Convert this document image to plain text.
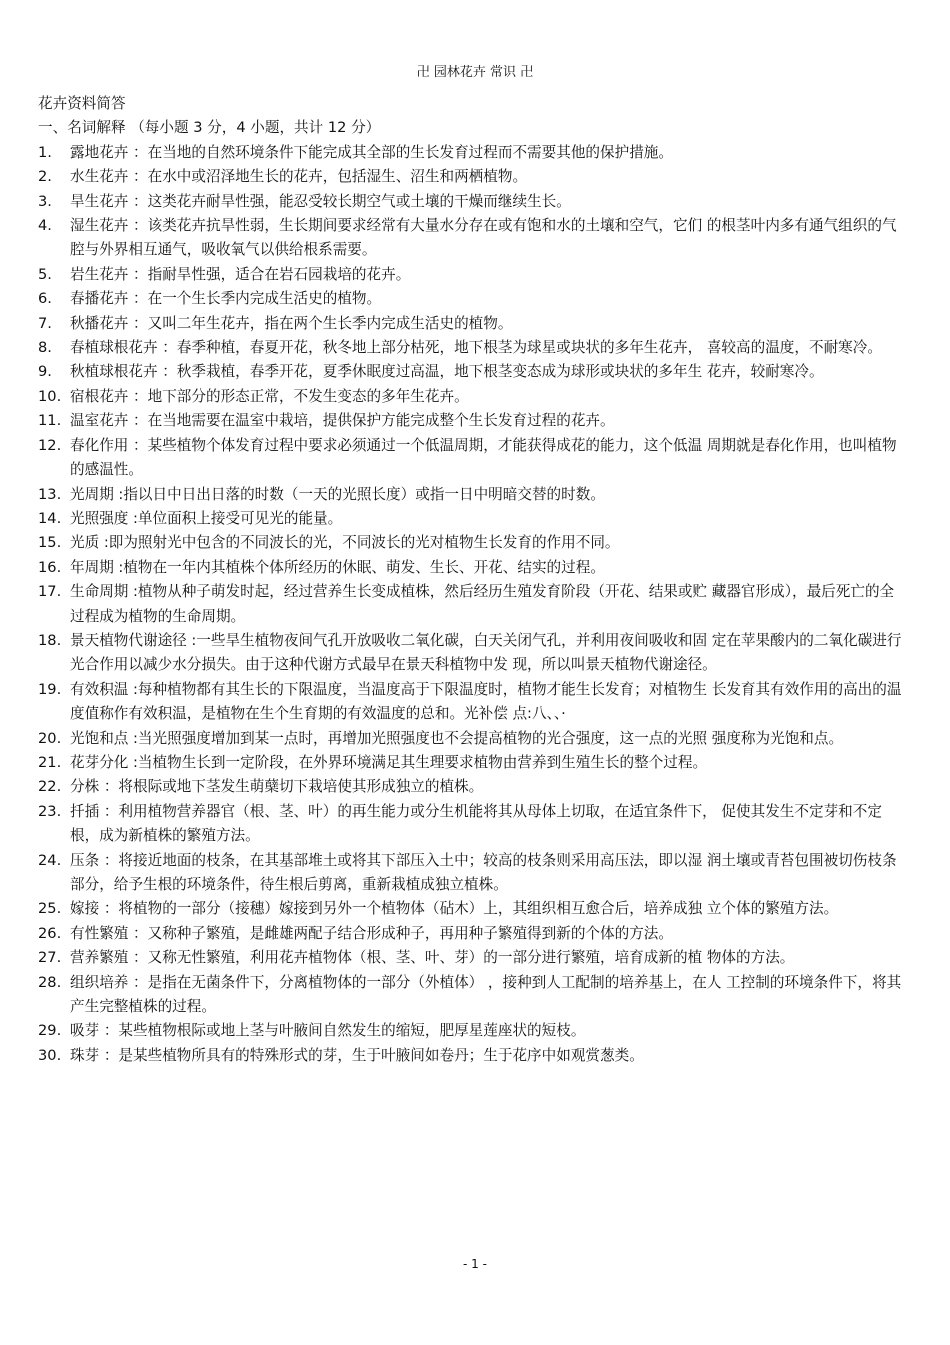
卍 园林花卉 常识 卍
花卉资料简答
一、名词解释 （每小题 3 分，4 小题，共计 12 分）
1.	露地花卉 ：在当地的自然环境条件下能完成其全部的生长发育过程而不需要其他的保护措施。
2.	水生花卉 ：在水中或沼泽地生长的花卉，包括湿生、沼生和两栖植物。
3.	旱生花卉 ：这类花卉耐旱性强，能忍受较长期空气或土壤的干燥而继续生长。
4.	湿生花卉 ：该类花卉抗旱性弱，生长期间要求经常有大量水分存在或有饱和水的土壤和空气，它们 的根茎叶内多有通气组织的气腔与外界相互通气，吸收氧气以供给根系需要。
5.	岩生花卉 ：指耐旱性强，适合在岩石园栽培的花卉。
6.	春播花卉 ：在一个生长季内完成生活史的植物。
7.	秋播花卉 ：又叫二年生花卉，指在两个生长季内完成生活史的植物。
8.	春植球根花卉 ：春季种植，春夏开花，秋冬地上部分枯死，地下根茎为球星或块状的多年生花卉， 喜较高的温度，不耐寒冷。
9.	秋植球根花卉 ：秋季栽植，春季开花，夏季休眠度过高温，地下根茎变态成为球形或块状的多年生 花卉，较耐寒冷。
10. 宿根花卉 ：地下部分的形态正常，不发生变态的多年生花卉。
11. 温室花卉 ：在当地需要在温室中栽培，提供保护方能完成整个生长发育过程的花卉。
12. 春化作用 ：某些植物个体发育过程中要求必须通过一个低温周期，才能获得成花的能力，这个低温 周期就是春化作用，也叫植物的感温性。
13. 光周期 :指以日中日出日落的时数（一天的光照长度）或指一日中明暗交替的时数。
14. 光照强度 :单位面积上接受可见光的能量。
15. 光质 :即为照射光中包含的不同波长的光，不同波长的光对植物生长发育的作用不同。
16. 年周期 :植物在一年内其植株个体所经历的休眠、萌发、生长、开花、结实的过程。
17. 生命周期 :植物从种子萌发时起，经过营养生长变成植株，然后经历生殖发育阶段（开花、结果或贮 藏器官形成），最后死亡的全过程成为植物的生命周期。
18. 景天植物代谢途径 :一些旱生植物夜间气孔开放吸收二氧化碳，白天关闭气孔，并利用夜间吸收和固 定在苹果酸内的二氧化碳进行光合作用以减少水分损失。由于这种代谢方式最早在景天科植物中发 现，所以叫景天植物代谢途径。
19. 有效积温 :每种植物都有其生长的下限温度，当温度高于下限温度时，植物才能生长发育；对植物生 长发育其有效作用的高出的温度值称作有效积温，是植物在生个生育期的有效温度的总和。光补偿 点:八、、·
20. 光饱和点 :当光照强度增加到某一点时，再增加光照强度也不会提高植物的光合强度，这一点的光照 强度称为光饱和点。
21. 花芽分化 :当植物生长到一定阶段，在外界环境满足其生理要求植物由营养到生殖生长的整个过程。
22. 分株 ：将根际或地下茎发生萌蘖切下栽培使其形成独立的植株。
23. 扦插 ：利用植物营养器官（根、茎、叶）的再生能力或分生机能将其从母体上切取，在适宜条件下， 促使其发生不定芽和不定根，成为新植株的繁殖方法。
24. 压条 ：将接近地面的枝条，在其基部堆土或将其下部压入土中；较高的枝条则采用高压法，即以湿 润土壤或青苔包围被切伤枝条部分，给予生根的环境条件，待生根后剪离，重新栽植成独立植株。
25. 嫁接 ：将植物的一部分（接穗）嫁接到另外一个植物体（砧木）上，其组织相互愈合后，培养成独 立个体的繁殖方法。
26. 有性繁殖 ：又称种子繁殖，是雌雄两配子结合形成种子，再用种子繁殖得到新的个体的方法。
27. 营养繁殖 ：又称无性繁殖，利用花卉植物体（根、茎、叶、芽）的一部分进行繁殖，培育成新的植 物体的方法。
28. 组织培养 ：是指在无菌条件下，分离植物体的一部分（外植体） ，接种到人工配制的培养基上，在人 工控制的环境条件下，将其产生完整植株的过程。
29. 吸芽 ：某些植物根际或地上茎与叶腋间自然发生的缩短，肥厚星莲座状的短枝。
30. 珠芽 ：是某些植物所具有的特殊形式的芽，生于叶腋间如卷丹；生于花序中如观赏葱类。
- 1 -
